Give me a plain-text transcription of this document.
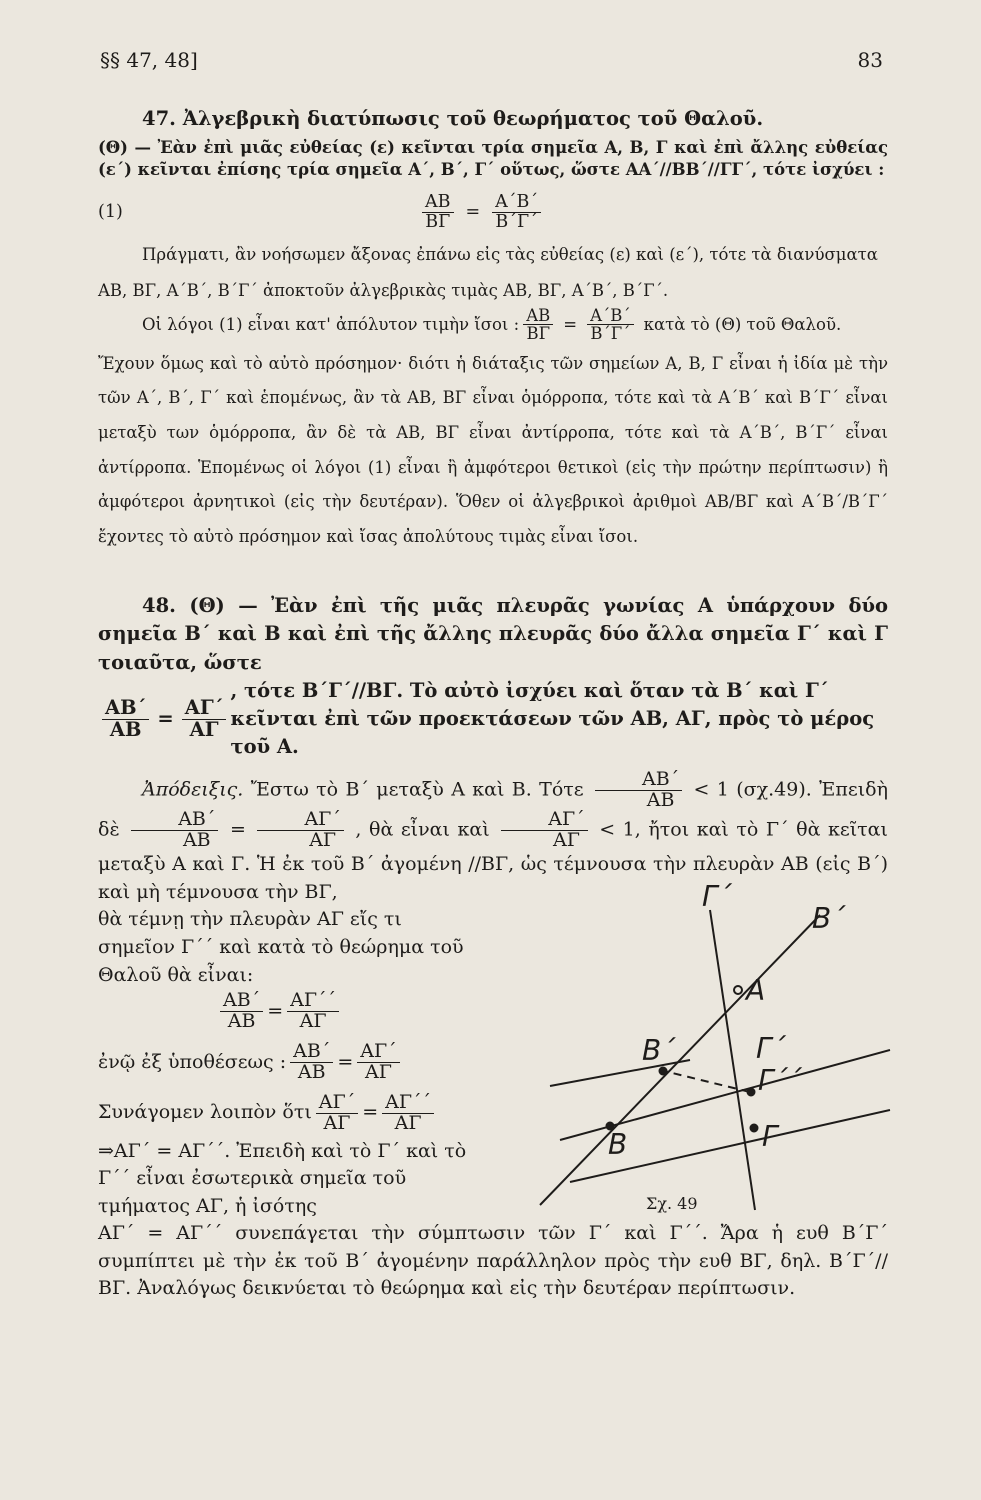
§§ 47, 48]	83

47. Ἀλγεβρικὴ διατύπωσις τοῦ θεωρήματος τοῦ Θαλοῦ.

(Θ) — Ἐὰν ἐπὶ μιᾶς εὐθείας (ε) κεῖνται τρία σημεῖα Α, Β, Γ καὶ ἐπὶ ἄλλης εὐθείας (ε΄) κεῖνται ἐπίσης τρία σημεῖα Α΄, Β΄, Γ΄ οὕτως, ὥστε ΑΑ΄//ΒΒ΄//ΓΓ΄, τότε ἰσχύει :

(1)	$\frac{AB}{B\Gamma} = \frac{A΄B΄}{B΄\Gamma΄}$

Πράγματι, ἂν νοήσωμεν ἄξονας ἐπάνω εἰς τὰς εὐθείας (ε) καὶ (ε΄), τότε τὰ διανύσματα

ΑΒ, ΒΓ, Α΄Β΄, Β΄Γ΄ ἀποκτοῦν ἀλγεβρικὰς τιμὰς ΑΒ, ΒΓ, Α΄Β΄, Β΄Γ΄.

Οἱ λόγοι (1) εἶναι κατ' ἀπόλυτον τιμὴν ἴσοι : $\frac{AB}{B\Gamma} = \frac{A΄B΄}{B΄\Gamma΄}$ κατὰ τὸ (Θ) τοῦ Θαλοῦ.

Ἔχουν ὅμως καὶ τὸ αὐτὸ πρόσημον· διότι ἡ διάταξις τῶν σημείων Α, Β, Γ εἶναι ἡ ἰδία μὲ τὴν τῶν Α΄, Β΄, Γ΄ καὶ ἑπομένως, ἂν τὰ ΑΒ, ΒΓ εἶναι ὁμόρροπα, τότε καὶ τὰ Α΄Β΄ καὶ Β΄Γ΄ εἶναι μεταξὺ των ὁμόρροπα, ἂν δὲ τὰ ΑΒ, ΒΓ εἶναι ἀντίρροπα, τότε καὶ τὰ Α΄Β΄, Β΄Γ΄ εἶναι ἀντίρροπα. Ἑπομένως οἱ λόγοι (1) εἶναι ἢ ἀμφότεροι θετικοὶ (εἰς τὴν πρώτην περίπτωσιν) ἢ ἀμφότεροι ἀρνητικοὶ (εἰς τὴν δευτέραν). Ὅθεν οἱ ἀλγεβρικοὶ ἀριθμοὶ ΑΒ/ΒΓ καὶ Α΄Β΄/Β΄Γ΄ ἔχοντες τὸ αὐτὸ πρόσημον καὶ ἴσας ἀπολύτους τιμὰς εἶναι ἴσοι.

48. (Θ) — Ἐὰν ἐπὶ τῆς μιᾶς πλευρᾶς γωνίας Α ὑπάρχουν δύο σημεῖα Β΄ καὶ Β καὶ ἐπὶ τῆς ἄλλης πλευρᾶς δύο ἄλλα σημεῖα Γ΄ καὶ Γ τοιαῦτα, ὥστε

$\frac{AB΄}{AB} = \frac{A\Gamma΄}{A\Gamma}$
, τότε Β΄Γ΄//ΒΓ. Τὸ αὐτὸ ἰσχύει καὶ ὅταν τὰ Β΄ καὶ Γ΄ κεῖνται ἐπὶ τῶν προεκτάσεων τῶν ΑΒ, ΑΓ, πρὸς τὸ μέρος τοῦ Α.

Ἀπόδειξις. Ἔστω τὸ Β΄ μεταξὺ Α καὶ Β. Τότε $\frac{AB΄}{AB} < 1$ (σχ.49). Ἐπειδὴ δὲ $\frac{AB΄}{AB} = \frac{A\Gamma΄}{A\Gamma}$ , θὰ εἶναι καὶ $\frac{A\Gamma΄}{A\Gamma} < 1$, ἤτοι καὶ τὸ Γ΄ θὰ κεῖται μεταξὺ Α καὶ Γ. Ἡ ἐκ τοῦ Β΄ ἀγομένη //ΒΓ, ὡς τέμνουσα τὴν πλευρὰν ΑΒ (εἰς Β΄) καὶ μὴ τέμνουσα τὴν ΒΓ,

θὰ τέμνῃ τὴν πλευρὰν ΑΓ εἴς τι σημεῖον Γ΄΄ καὶ κατὰ τὸ θεώρημα τοῦ Θαλοῦ θὰ εἶναι:

$\frac{AB΄}{AB} = \frac{A\Gamma΄΄}{A\Gamma}$
ἐνῷ ἐξ ὑποθέσεως : $\frac{AB΄}{AB} = \frac{A\Gamma΄}{A\Gamma}$
Συνάγομεν λοιπὸν ὅτι $\frac{A\Gamma΄}{A\Gamma} = \frac{A\Gamma΄΄}{A\Gamma}$

⇒ΑΓ΄ = ΑΓ΄΄. Ἐπειδὴ καὶ τὸ Γ΄ καὶ τὸ Γ΄΄ εἶναι ἐσωτερικὰ σημεῖα τοῦ τμήματος ΑΓ, ἡ ἰσότης

ΑΓ΄ = ΑΓ΄΄ συνεπάγεται τὴν σύμπτωσιν τῶν Γ΄ καὶ Γ΄΄. Ἄρα ἡ ευθ Β΄Γ΄ συμπίπτει μὲ τὴν ἐκ τοῦ Β΄ ἀγομένην παράλληλον πρὸς τὴν ευθ ΒΓ, δηλ. Β΄Γ΄//ΒΓ. Ἀναλόγως δεικνύεται τὸ θεώρημα καὶ εἰς τὴν δευτέραν περίπτωσιν.

Γ΄
Β΄
Α
Β΄	Γ΄
Γ΄΄
Β	Γ
Σχ. 49
